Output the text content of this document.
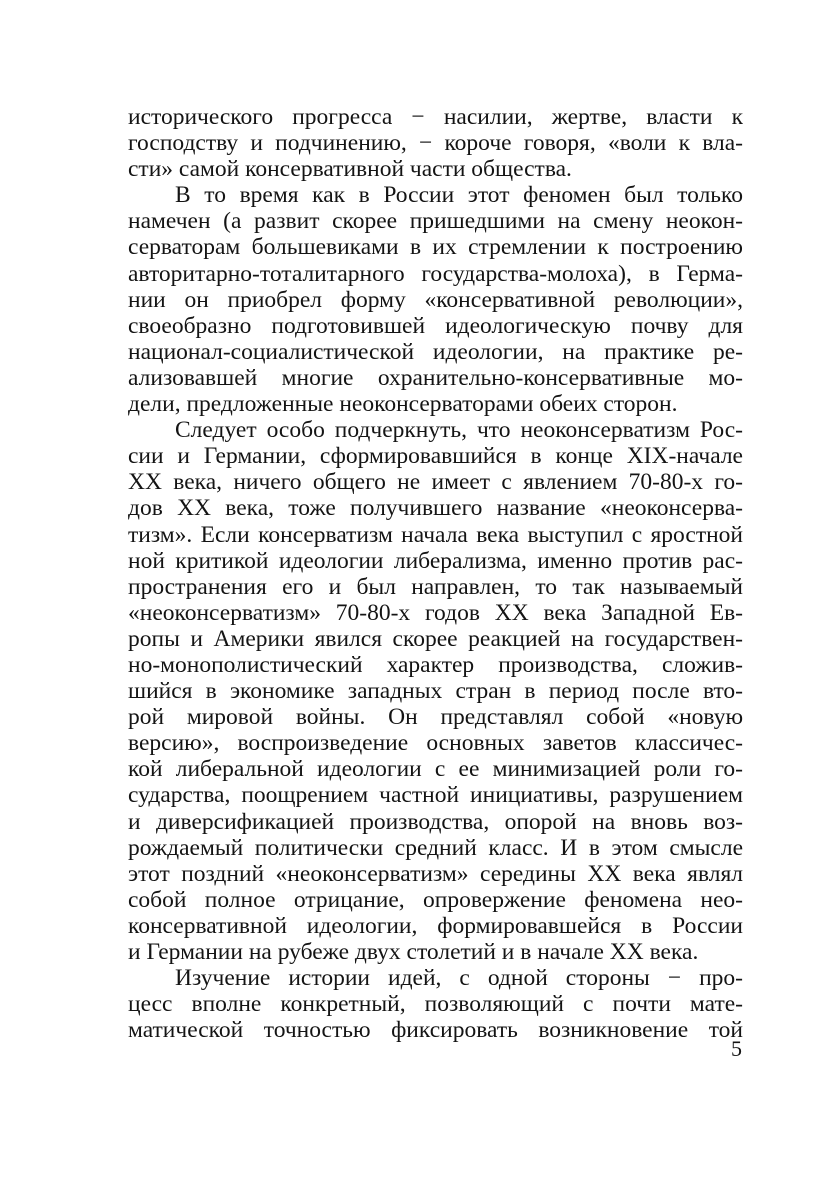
исторического прогресса − насилии, жертве, власти к
господству и подчинению, − короче говоря, «воли к вла-
сти» самой консервативной части общества.
В то время как в России этот феномен был только
намечен (а развит скорее пришедшими на смену неокон-
серваторам большевиками в их стремлении к построению
авторитарно-тоталитарного государства-молоха), в Герма-
нии он приобрел форму «консервативной революции»,
своеобразно подготовившей идеологическую почву для
национал-социалистической идеологии, на практике ре-
ализовавшей многие охранительно-консервативные мо-
дели, предложенные неоконсерваторами обеих сторон.
Следует особо подчеркнуть, что неоконсерватизм Рос-
сии и Германии, сформировавшийся в конце XIX-начале
XX века, ничего общего не имеет с явлением 70-80-х го-
дов XX века, тоже получившего название «неоконсерва-
тизм». Если консерватизм начала века выступил с яростной
ной критикой идеологии либерализма, именно против рас-
пространения его и был направлен, то так называемый
«неоконсерватизм» 70-80-х годов XX века Западной Ев-
ропы и Америки явился скорее реакцией на государствен-
но-монополистический характер производства, сложив-
шийся в экономике западных стран в период после вто-
рой мировой войны. Он представлял собой «новую
версию», воспроизведение основных заветов классичес-
кой либеральной идеологии с ее минимизацией роли го-
сударства, поощрением частной инициативы, разрушением
и диверсификацией производства, опорой на вновь воз-
рождаемый политически средний класс. И в этом смысле
этот поздний «неоконсерватизм» середины XX века являл
собой полное отрицание, опровержение феномена нео-
консервативной идеологии, формировавшейся в России
и Германии на рубеже двух столетий и в начале XX века.
Изучение истории идей, с одной стороны − про-
цесс вполне конкретный, позволяющий с почти мате-
матической точностью фиксировать возникновение той
5
